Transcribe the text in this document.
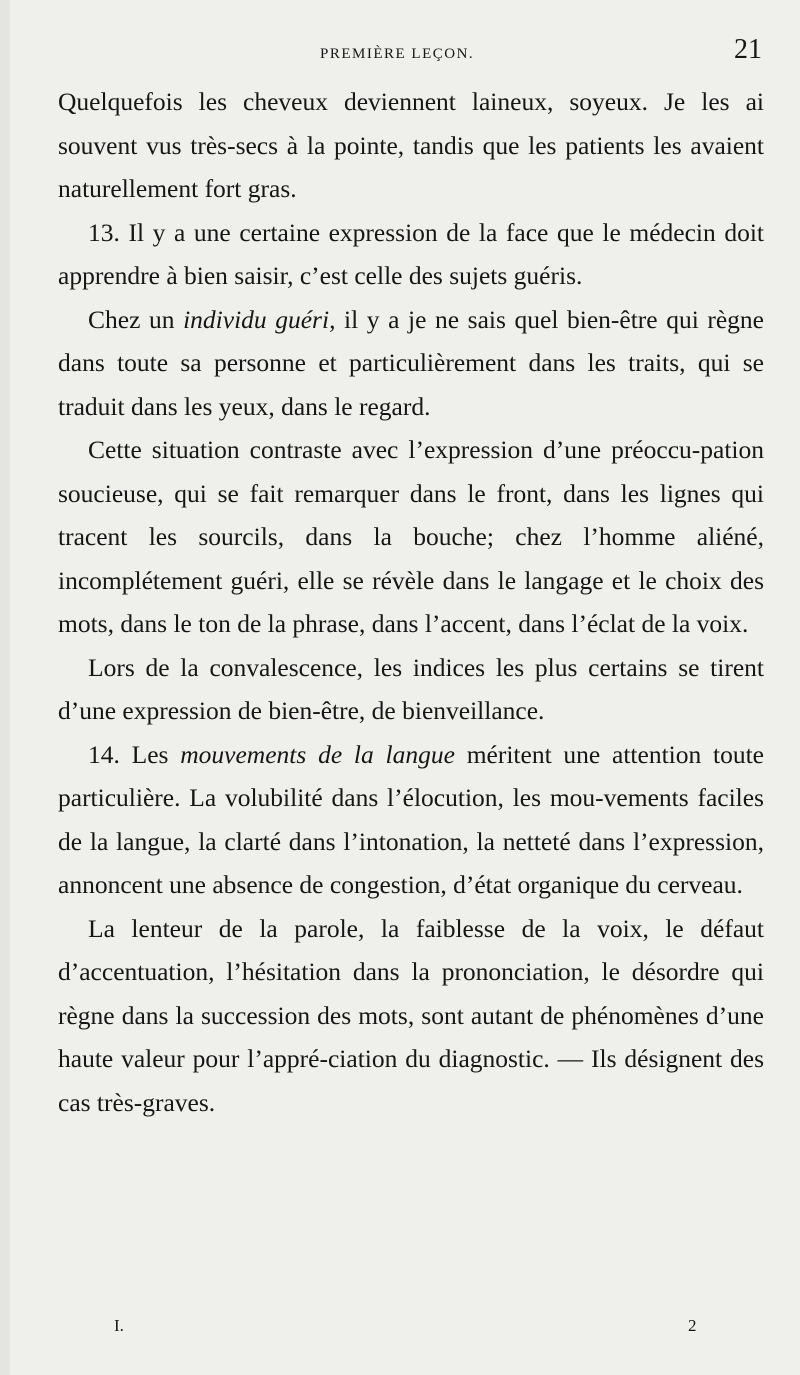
PREMIÈRE LEÇON.	21

Quelquefois les cheveux deviennent laineux, soyeux. Je les ai souvent vus très-secs à la pointe, tandis que les patients les avaient naturellement fort gras.

13. Il y a une certaine expression de la face que le médecin doit apprendre à bien saisir, c’est celle des sujets guéris.

Chez un individu guéri, il y a je ne sais quel bien-être qui règne dans toute sa personne et particulièrement dans les traits, qui se traduit dans les yeux, dans le regard.

Cette situation contraste avec l’expression d’une préoccu-pation soucieuse, qui se fait remarquer dans le front, dans les lignes qui tracent les sourcils, dans la bouche; chez l’homme aliéné, incomplétement guéri, elle se révèle dans le langage et le choix des mots, dans le ton de la phrase, dans l’accent, dans l’éclat de la voix.

Lors de la convalescence, les indices les plus certains se tirent d’une expression de bien-être, de bienveillance.

14. Les mouvements de la langue méritent une attention toute particulière. La volubilité dans l’élocution, les mou-vements faciles de la langue, la clarté dans l’intonation, la netteté dans l’expression, annoncent une absence de congestion, d’état organique du cerveau.

La lenteur de la parole, la faiblesse de la voix, le défaut d’accentuation, l’hésitation dans la prononciation, le désordre qui règne dans la succession des mots, sont autant de phénomènes d’une haute valeur pour l’appré-ciation du diagnostic. — Ils désignent des cas très-graves.

I.	2
